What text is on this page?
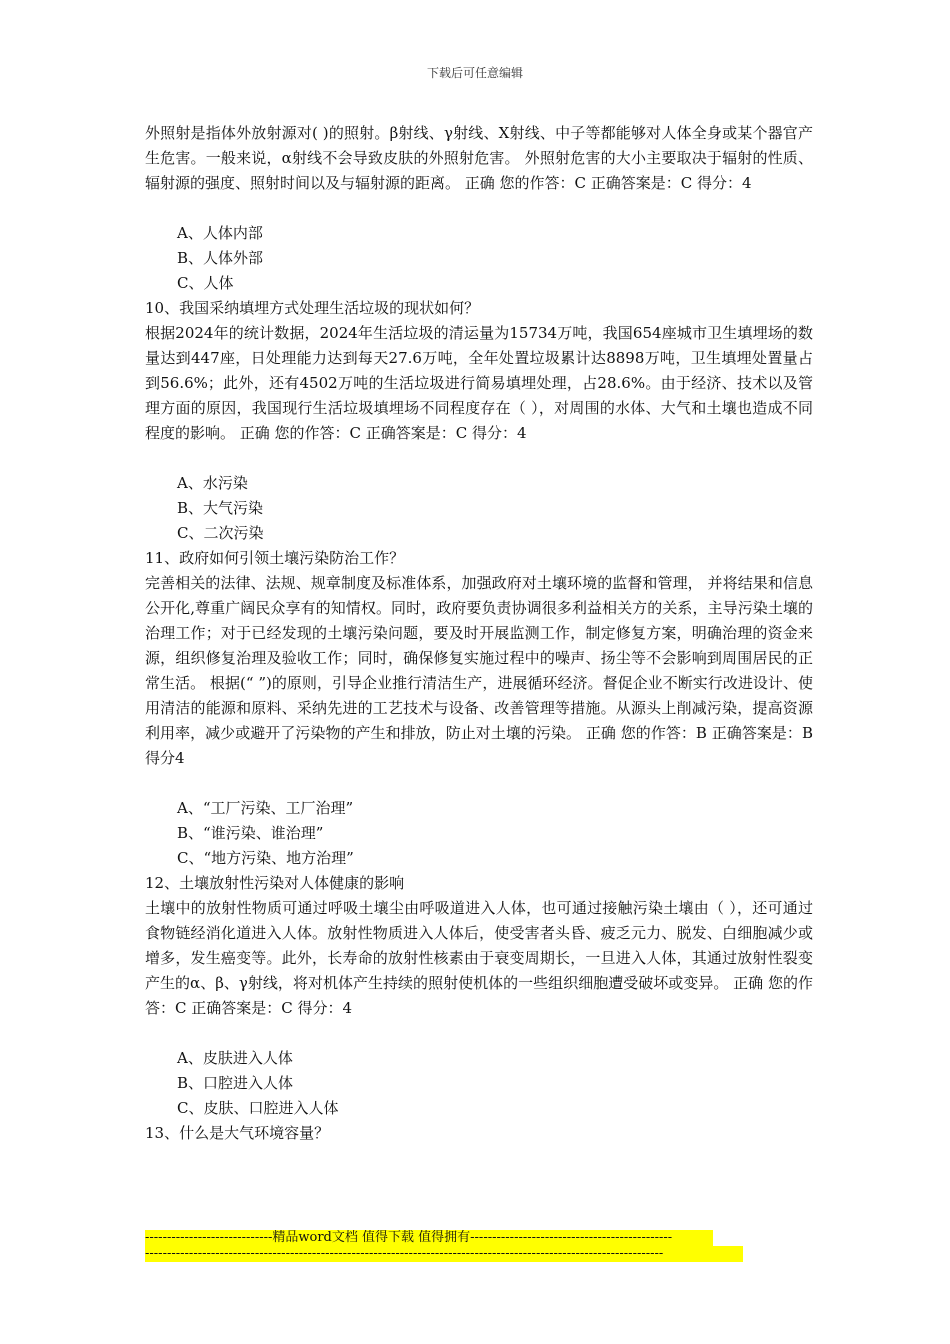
下载后可任意编辑

外照射是指体外放射源对( )的照射。β射线、γ射线、X射线、中子等都能够对人体全身或某个器官产生危害。一般来说，α射线不会导致皮肤的外照射危害。 外照射危害的大小主要取决于辐射的性质、辐射源的强度、照射时间以及与辐射源的距离。 正确 您的作答：C 正确答案是：C 得分：4

A、人体内部

B、人体外部

C、人体

10、我国采纳填埋方式处理生活垃圾的现状如何？

根据2024年的统计数据，2024年生活垃圾的清运量为15734万吨，我国654座城市卫生填埋场的数量达到447座，日处理能力达到每天27.6万吨，全年处置垃圾累计达8898万吨，卫生填埋处置量占到56.6%；此外，还有4502万吨的生活垃圾进行简易填埋处理，占28.6%。由于经济、技术以及管理方面的原因，我国现行生活垃圾填埋场不同程度存在（ ），对周围的水体、大气和土壤也造成不同程度的影响。 正确 您的作答：C 正确答案是：C 得分：4

A、水污染

B、大气污染

C、二次污染

11、政府如何引领土壤污染防治工作？

完善相关的法律、法规、规章制度及标准体系，加强政府对土壤环境的监督和管理， 并将结果和信息公开化,尊重广阔民众享有的知情权。同时，政府要负责协调很多利益相关方的关系，主导污染土壤的治理工作；对于已经发现的土壤污染问题，要及时开展监测工作，制定修复方案，明确治理的资金来源，组织修复治理及验收工作；同时，确保修复实施过程中的噪声、扬尘等不会影响到周围居民的正常生活。 根据(“ ”)的原则，引导企业推行清洁生产，进展循环经济。督促企业不断实行改进设计、使用清洁的能源和原料、采纳先进的工艺技术与设备、改善管理等措施。从源头上削减污染，提高资源利用率，减少或避开了污染物的产生和排放，防止对土壤的污染。 正确 您的作答：B 正确答案是：B 得分4

A、“工厂污染、工厂治理”

B、“谁污染、谁治理”

C、“地方污染、地方治理”

12、土壤放射性污染对人体健康的影响

土壤中的放射性物质可通过呼吸土壤尘由呼吸道进入人体，也可通过接触污染土壤由（ ），还可通过食物链经消化道进入人体。放射性物质进入人体后，使受害者头昏、疲乏元力、脱发、白细胞减少或增多，发生癌变等。此外，长寿命的放射性核素由于衰变周期长，一旦进入人体，其通过放射性裂变产生的α、β、γ射线，将对机体产生持续的照射使机体的一些组织细胞遭受破坏或变异。 正确 您的作答：C 正确答案是：C 得分：4

A、皮肤进入人体

B、口腔进入人体

C、皮肤、口腔进入人体

13、什么是大气环境容量？

-----------------------------精品word文档 值得下载 值得拥有----------------------------------------------
----------------------------------------------------------------------------------------------------------------------
